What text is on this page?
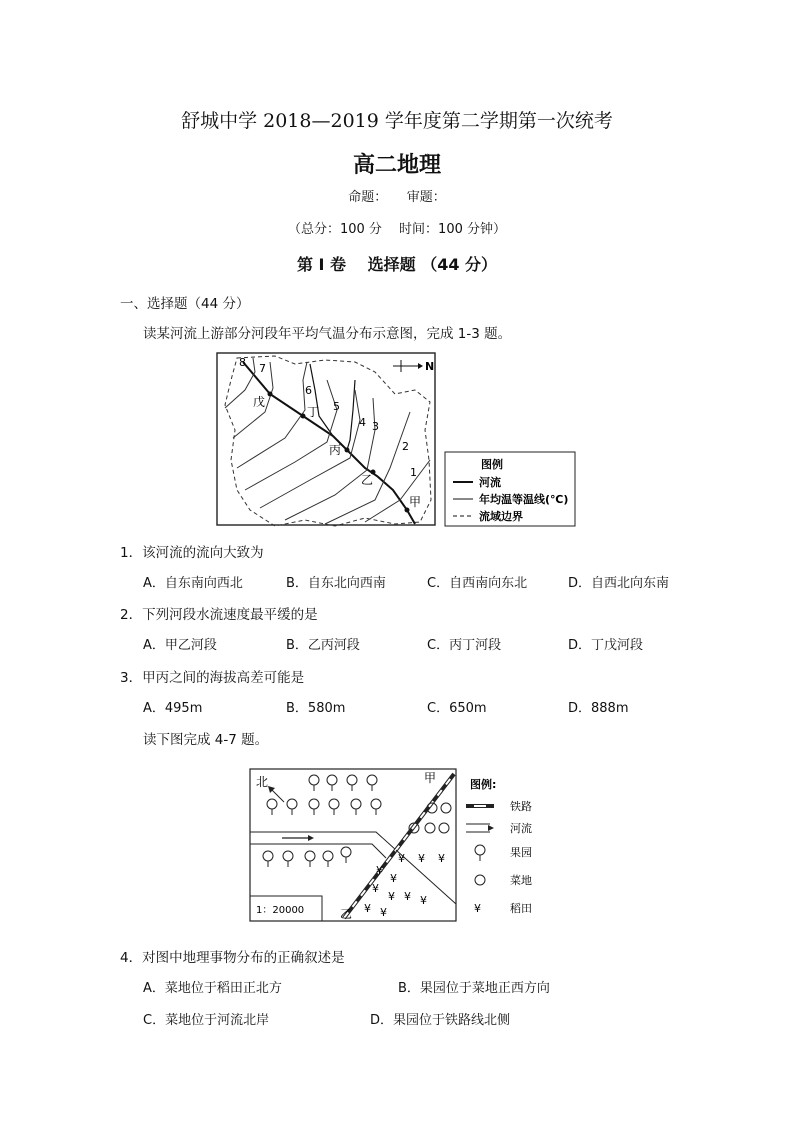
舒城中学 2018—2019 学年度第二学期第一次统考
高二地理
命题：　　审题：
（总分：100 分　 时间：100 分钟）
第 I 卷　 选择题 （44 分）
一、选择题（44 分）
读某河流上游部分河段年平均气温分布示意图，完成 1-3 题。
8 7
6
5
4 3
2
1
戊
丁
丙
乙
甲
N
图例
河流
年均温等温线(℃)
流域边界
1．该河流的流向大致为
A．自东南向西北	B．自东北向西南	C．自西南向东北	D．自西北向东南
2．下列河段水流速度最平缓的是
A．甲乙河段	B．乙丙河段	C．丙丁河段	D．丁戊河段
3．甲丙之间的海拔高差可能是
A．495m	B．580m	C．650m	D．888m
读下图完成 4-7 题。
北	甲
乙
1：20000
¥ ¥ ¥
¥
¥
¥
¥ ¥ ¥
¥ ¥
图例:
铁路
河流
果园
菜地
¥	稻田
4．对图中地理事物分布的正确叙述是
A．菜地位于稻田正北方	B．果园位于菜地正西方向
C．菜地位于河流北岸	D．果园位于铁路线北侧
